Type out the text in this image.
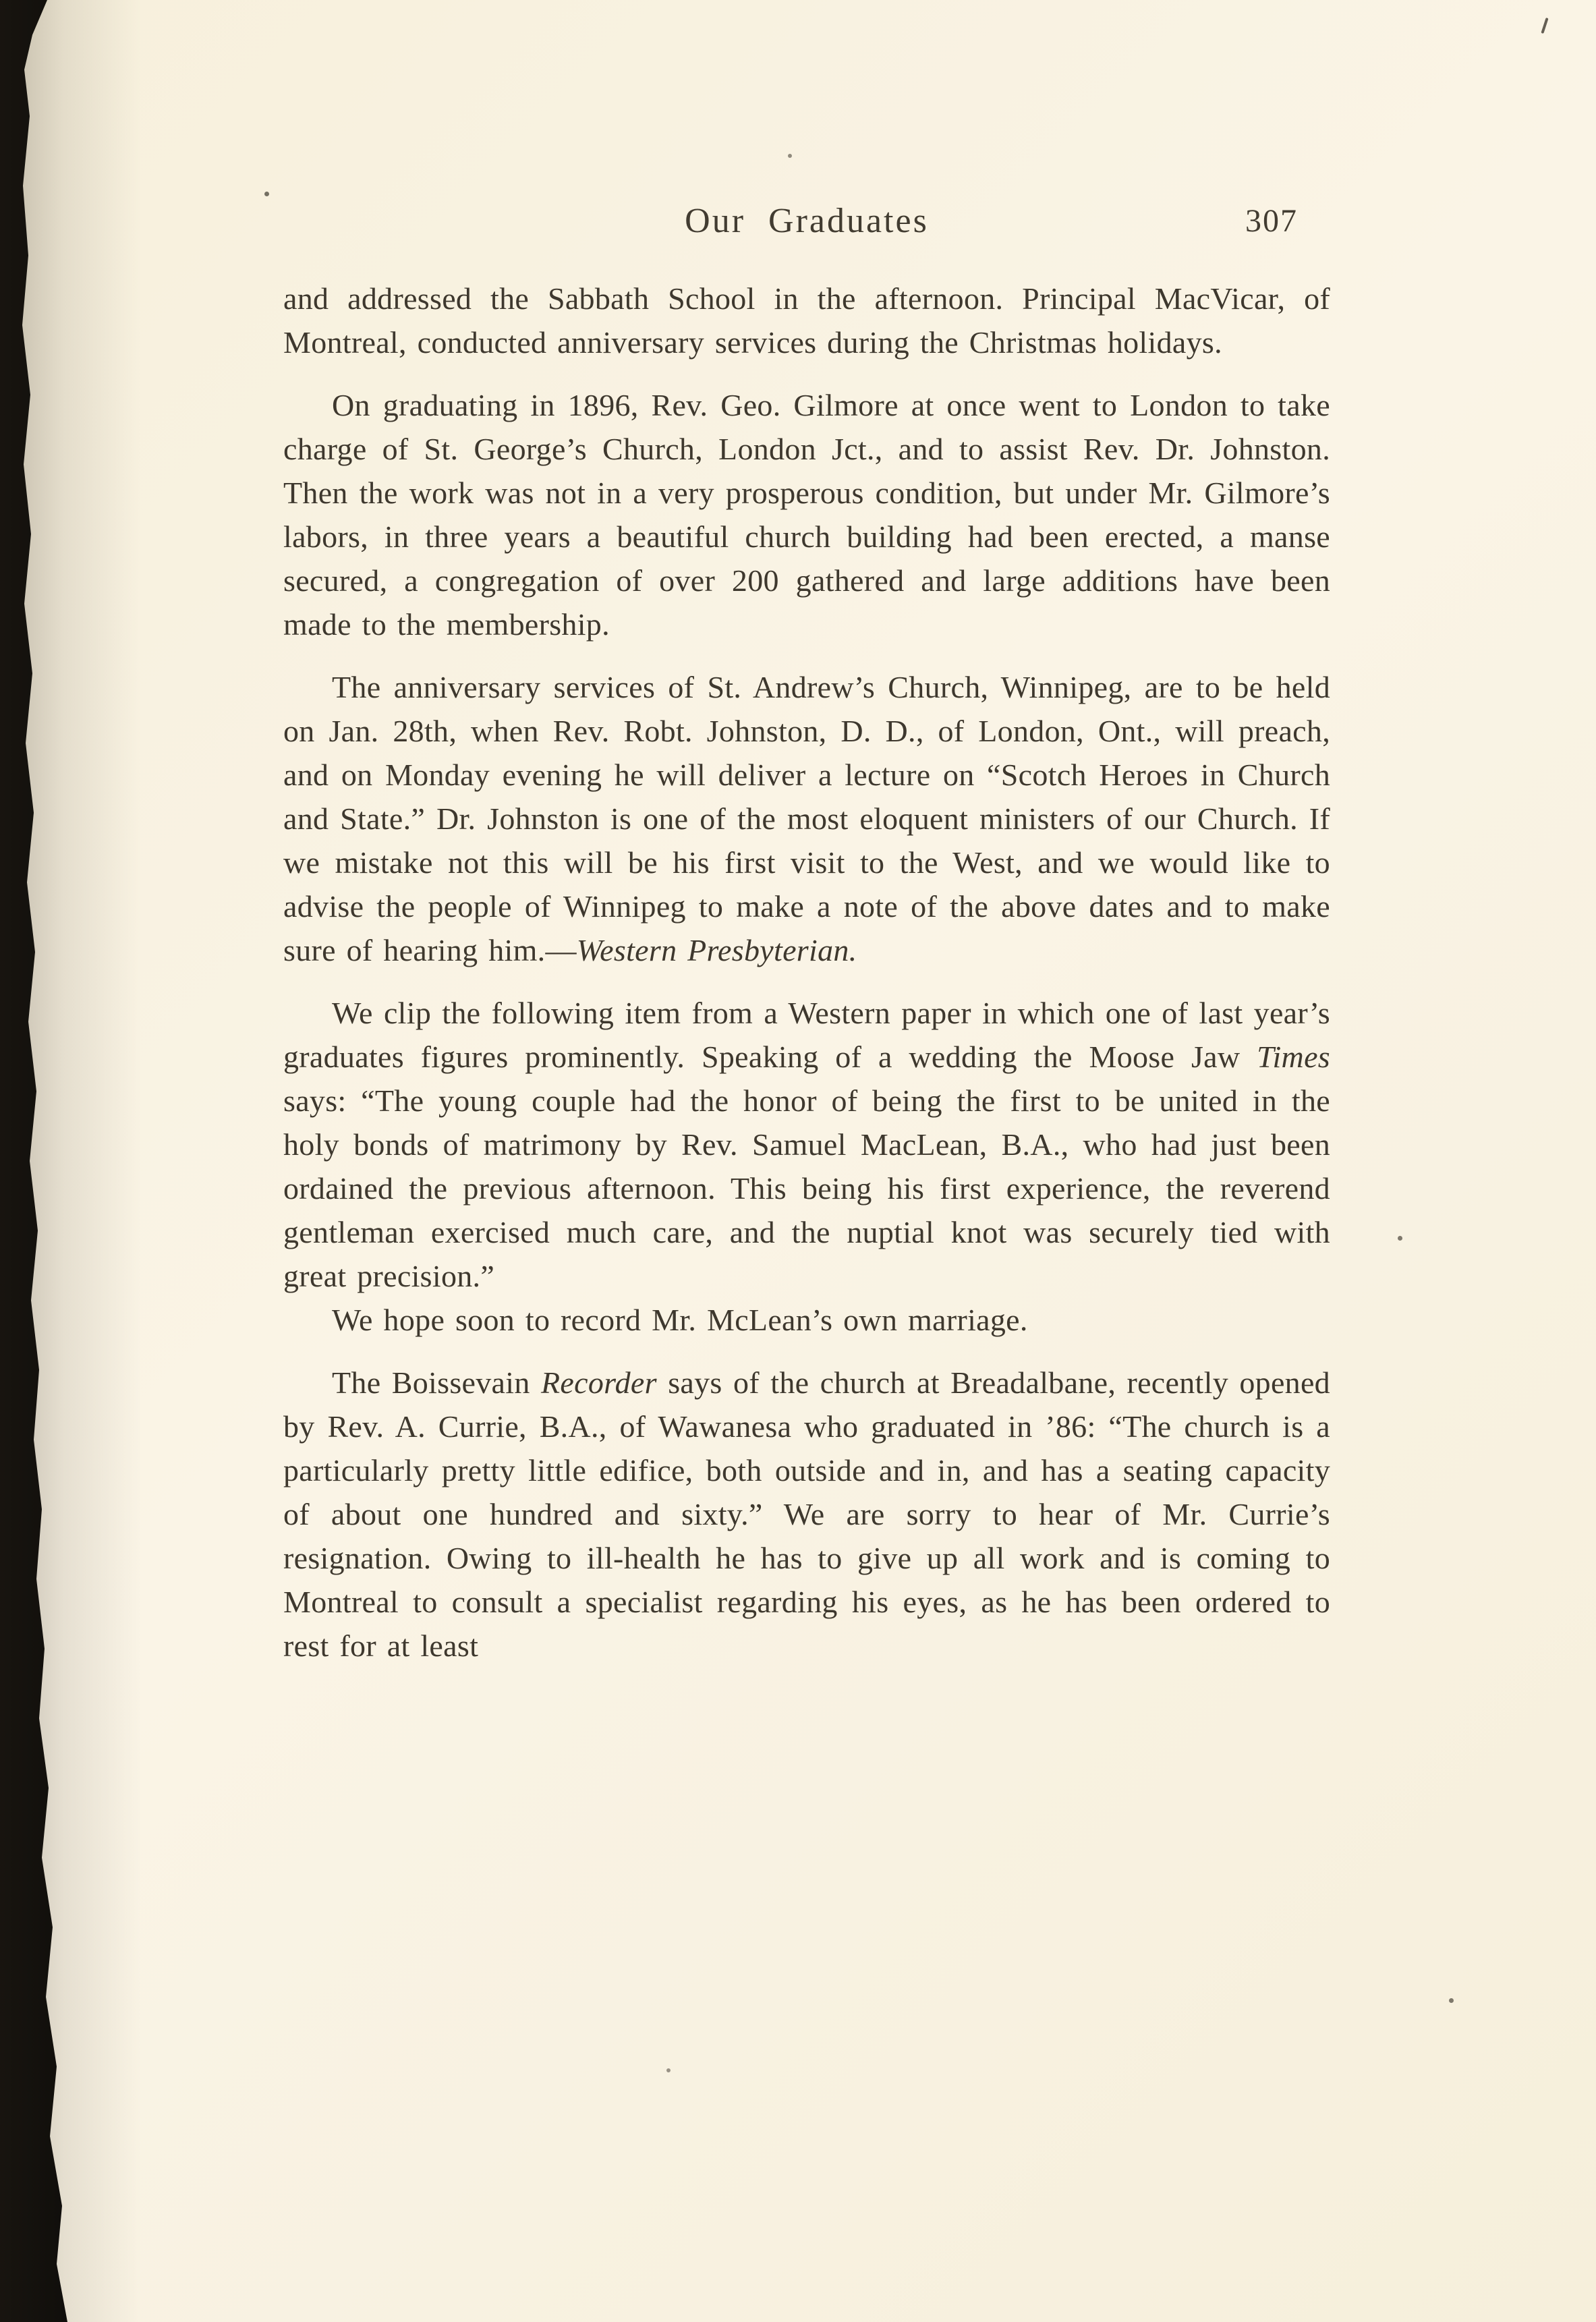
Our Graduates	307

and addressed the Sabbath School in the afternoon. Principal MacVicar, of Montreal, conducted anniversary services during the Christmas holidays.

On graduating in 1896, Rev. Geo. Gilmore at once went to London to take charge of St. George’s Church, London Jct., and to assist Rev. Dr. Johnston. Then the work was not in a very prosperous condition, but under Mr. Gilmore’s labors, in three years a beautiful church building had been erected, a manse secured, a congregation of over 200 gathered and large additions have been made to the membership.

The anniversary services of St. Andrew’s Church, Winnipeg, are to be held on Jan. 28th, when Rev. Robt. Johnston, D. D., of London, Ont., will preach, and on Monday evening he will deliver a lecture on “Scotch Heroes in Church and State.” Dr. Johnston is one of the most eloquent ministers of our Church. If we mistake not this will be his first visit to the West, and we would like to advise the people of Winnipeg to make a note of the above dates and to make sure of hearing him.—Western Presbyterian.

We clip the following item from a Western paper in which one of last year’s graduates figures prominently. Speaking of a wedding the Moose Jaw Times says: “The young couple had the honor of being the first to be united in the holy bonds of matrimony by Rev. Samuel MacLean, B.A., who had just been ordained the previous afternoon. This being his first experience, the reverend gentleman exercised much care, and the nuptial knot was securely tied with great precision.”

We hope soon to record Mr. McLean’s own marriage.

The Boissevain Recorder says of the church at Breadalbane, recently opened by Rev. A. Currie, B.A., of Wawanesa who graduated in ’86: “The church is a particularly pretty little edifice, both outside and in, and has a seating capacity of about one hundred and sixty.” We are sorry to hear of Mr. Currie’s resignation. Owing to ill-health he has to give up all work and is coming to Montreal to consult a specialist regarding his eyes, as he has been ordered to rest for at least
